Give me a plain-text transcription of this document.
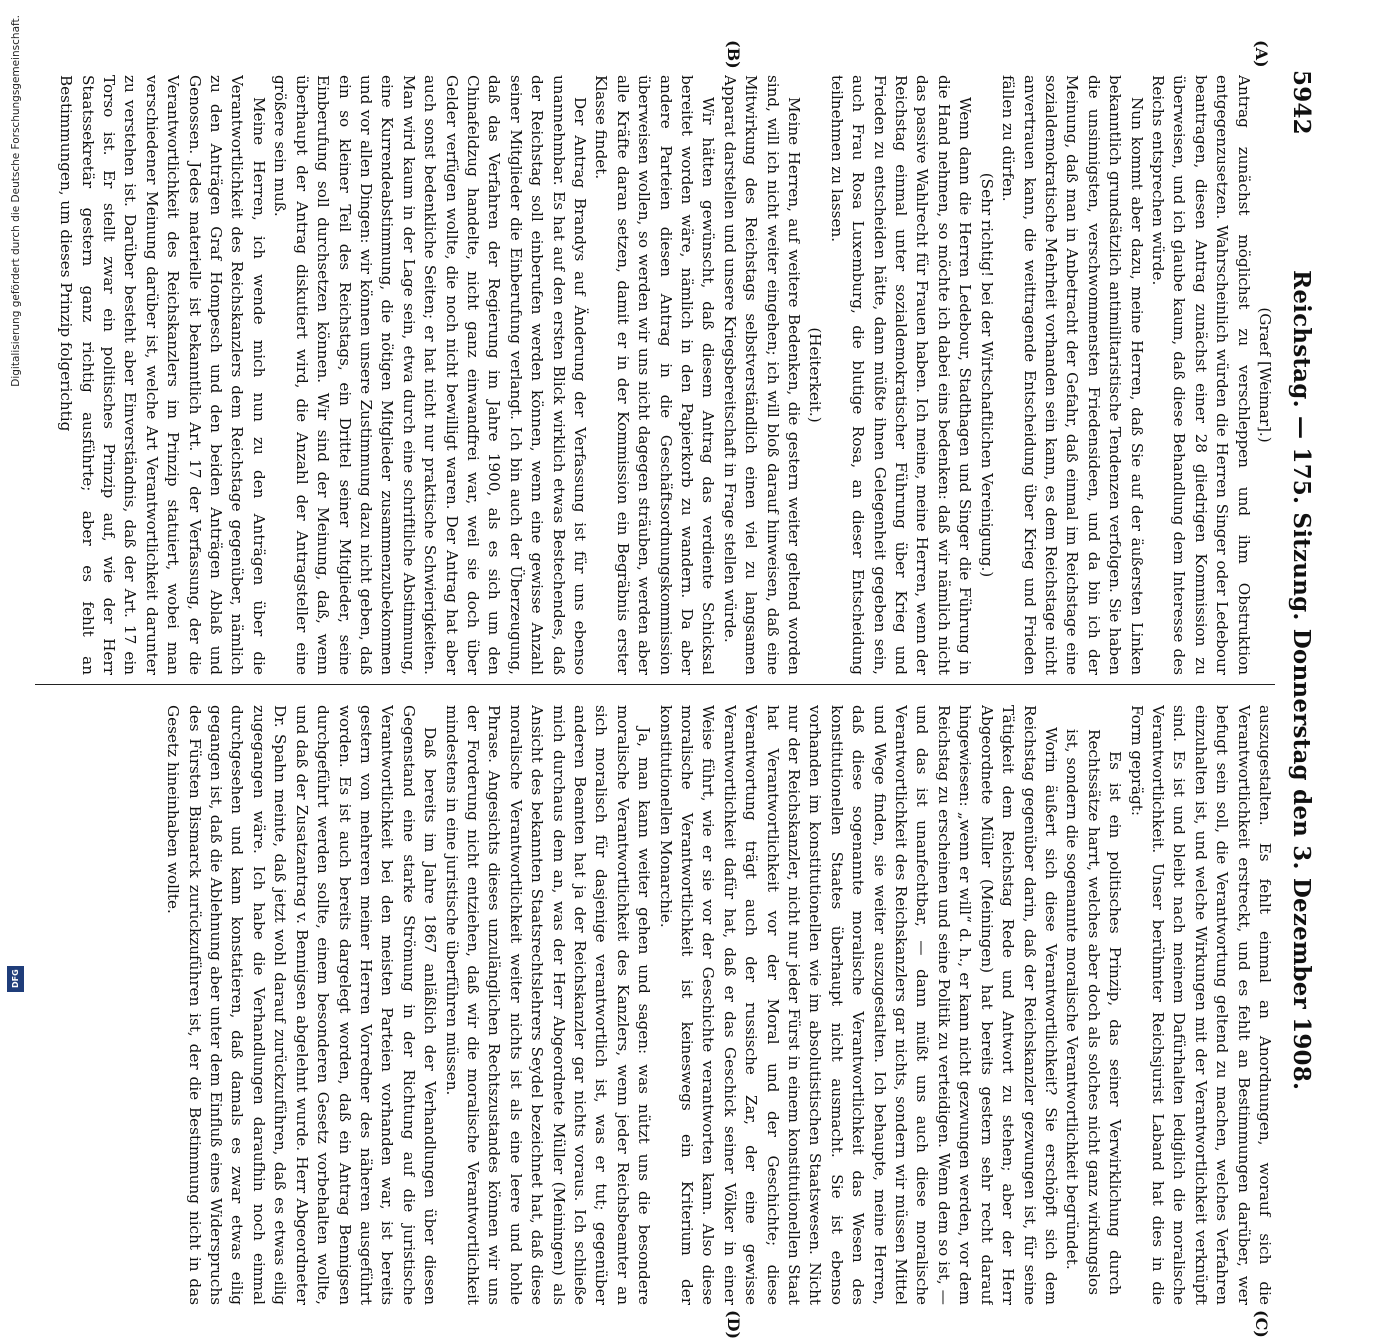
5942
Reichstag. — 175. Sitzung. Donnerstag den 3. Dezember 1908.
(A)
(B)
(C)
(D)

(Graef [Weimar].)

Antrag zunächst möglichst zu verschleppen und ihm Obstruktion entgegenzusetzen. Wahrscheinlich würden die Herren Singer oder Ledebour beantragen, diesen Antrag zunächst einer 28 gliedrigen Kommission zu überweisen, und ich glaube kaum, daß diese Behandlung dem Interesse des Reichs entsprechen würde.

Nun kommt aber dazu, meine Herren, daß Sie auf der äußersten Linken bekanntlich grundsätzlich antimilitaristische Tendenzen verfolgen. Sie haben die unsinnigsten, verschwommensten Friedensideen, und da bin ich der Meinung, daß man in Anbetracht der Gefahr, daß einmal im Reichstage eine sozialdemokratische Mehrheit vorhanden sein kann, es dem Reichstage nicht anvertrauen kann, die weittragende Entscheidung über Krieg und Frieden fällen zu dürfen.

(Sehr richtig! bei der Wirtschaftlichen Vereinigung.)

Wenn dann die Herren Ledebour, Stadthagen und Singer die Führung in die Hand nehmen, so möchte ich dabei eins bedenken: daß wir nämlich nicht das passive Wahlrecht für Frauen haben. Ich meine, meine Herren, wenn der Reichstag einmal unter sozialdemokratischer Führung über Krieg und Frieden zu entscheiden hätte, dann müßte ihnen Gelegenheit gegeben sein, auch Frau Rosa Luxemburg, die blutige Rosa, an dieser Entscheidung teilnehmen zu lassen.

(Heiterkeit.)

Meine Herren, auf weitere Bedenken, die gestern weiter geltend worden sind, will ich nicht weiter eingehen; ich will bloß darauf hinweisen, daß eine Mitwirkung des Reichstags selbstverständlich einen viel zu langsamen Apparat darstellen und unsere Kriegsbereitschaft in Frage stellen würde.

Wir hätten gewünscht, daß diesem Antrag das verdiente Schicksal bereitet worden wäre, nämlich in den Papierkorb zu wandern. Da aber andere Parteien diesen Antrag in die Geschäftsordnungskommission überweisen wollen, so werden wir uns nicht dagegen sträuben, werden aber alle Kräfte daran setzen, damit er in der Kommission ein Begräbnis erster Klasse findet.

Der Antrag Brandys auf Änderung der Verfassung ist für uns ebenso unannehmbar. Es hat auf den ersten Blick wirklich etwas Bestechendes, daß der Reichstag soll einberufen werden können, wenn eine gewisse Anzahl seiner Mitglieder die Einberufung verlangt. Ich bin auch der Überzeugung, daß das Verfahren der Regierung im Jahre 1900, als es sich um den Chinafeldzug handelte, nicht ganz einwandfrei war, weil sie doch über Gelder verfügen wollte, die noch nicht bewilligt waren. Der Antrag hat aber auch sonst bedenkliche Seiten; er hat nicht nur praktische Schwierigkeiten. Man wird kaum in der Lage sein, etwa durch eine schriftliche Abstimmung, eine Kurrendeabstimmung, die nötigen Mitglieder zusammenzubekommen und vor allen Dingen: wir können unsere Zustimmung dazu nicht geben, daß ein so kleiner Teil des Reichstags, ein Drittel seiner Mitglieder, seine Einberufung soll durchsetzen können. Wir sind der Meinung, daß, wenn überhaupt der Antrag diskutiert wird, die Anzahl der Antragsteller eine größere sein muß.

Meine Herren, ich wende mich nun zu den Anträgen über die Verantwortlichkeit des Reichskanzlers dem Reichstage gegenüber, nämlich zu den Anträgen Graf Hompesch und den beiden Anträgen Ablaß und Genossen. Jedes materielle ist bekanntlich Art. 17 der Verfassung, der die Verantwortlichkeit des Reichskanzlers im Prinzip statuiert, wobei man verschiedener Meinung darüber ist, welche Art Verantwortlichkeit darunter zu verstehen ist. Darüber besteht aber Einverständnis, daß der Art. 17 ein Torso ist. Er stellt zwar ein politisches Prinzip auf, wie der Herr Staatssekretär gestern ganz richtig ausführte; aber es fehlt an Bestimmungen, um dieses Prinzip folgerichtig

auszugestalten. Es fehlt einmal an Anordnungen, worauf sich die Verantwortlichkeit erstreckt, und es fehlt an Bestimmungen darüber, wer befugt sein soll, die Verantwortung geltend zu machen, welches Verfahren einzuhalten ist, und welche Wirkungen mit der Verantwortlichkeit verknüpft sind. Es ist und bleibt nach meinem Dafürhalten lediglich die moralische Verantwortlichkeit. Unser berühmter Reichsjurist Laband hat dies in die Form geprägt:

Es ist ein politisches Prinzip, das seiner Verwirklichung durch Rechtssätze harrt, welches aber doch als solches nicht ganz wirkungslos ist, sondern die sogenannte moralische Verantwortlichkeit begründet.

Worin äußert sich diese Verantwortlichkeit? Sie erschöpft sich dem Reichstag gegenüber darin, daß der Reichskanzler gezwungen ist, für seine Tätigkeit dem Reichstag Rede und Antwort zu stehen; aber der Herr Abgeordnete Müller (Meiningen) hat bereits gestern sehr recht darauf hingewiesen: „wenn er will“ d. h., er kann nicht gezwungen werden, vor dem Reichstag zu erscheinen und seine Politik zu verteidigen. Wenn dem so ist, — und das ist unanfechtbar, — dann müßt uns auch diese moralische Verantwortlichkeit des Reichskanzlers gar nichts, sondern wir müssen Mittel und Wege finden, sie weiter auszugestalten. Ich behaupte, meine Herren, daß diese sogenannte moralische Verantwortlichkeit das Wesen des konstitutionellen Staates überhaupt nicht ausmacht. Sie ist ebenso vorhanden im konstitutionellen wie im absolutistischen Staatswesen. Nicht nur der Reichskanzler, nicht nur jeder Fürst in einem konstitutionellen Staat hat Verantwortlichkeit vor der Moral und der Geschichte; diese Verantwortung trägt auch der russische Zar, der eine gewisse Verantwortlichkeit dafür hat, daß er das Geschick seiner Völker in einer Weise führt, wie er sie vor der Geschichte verantworten kann. Also diese moralische Verantwortlichkeit ist keineswegs ein Kriterium der konstitutionellen Monarchie.

Ja, man kann weiter gehen und sagen: was nützt uns die besondere moralische Verantwortlichkeit des Kanzlers, wenn jeder Reichsbeamter an sich moralisch für dasjenige verantwortlich ist, was er tut; gegenüber anderen Beamten hat ja der Reichskanzler gar nichts voraus. Ich schließe mich durchaus dem an, was der Herr Abgeordnete Müller (Meiningen) als Ansicht des bekannten Staatsrechtslehrers Seydel bezeichnet hat, daß diese moralische Verantwortlichkeit weiter nichts ist als eine leere und hohle Phrase. Angesichts dieses unzulänglichen Rechtszustandes können wir uns der Forderung nicht entziehen, daß wir die moralische Verantwortlichkeit mindestens in eine juristische überführen müssen.

Daß bereits im Jahre 1867 anläßlich der Verhandlungen über diesen Gegenstand eine starke Strömung in der Richtung auf die juristische Verantwortlichkeit bei den meisten Parteien vorhanden war, ist bereits gestern von mehreren meiner Herren Vorredner des näheren ausgeführt worden. Es ist auch bereits dargelegt worden, daß ein Antrag Bennigsen durchgeführt werden sollte, einem besonderen Gesetz vorbehalten wollte, und daß der Zusatzantrag v. Bennigsen abgelehnt wurde. Herr Abgeordneter Dr. Spahn meinte, daß jetzt wohl darauf zurückzuführen, daß es etwas eilig zugegangen wäre. Ich habe die Verhandlungen daraufhin noch einmal durchgesehen und kann konstatieren, daß damals es zwar etwas eilig gegangen ist, daß die Ablehnung aber unter dem Einfluß eines Widerspruchs des Fürsten Bismarck zurückzuführen ist, der die Bestimmung nicht in das Gesetz hineinhaben wollte.

Digitalisierung gefördert durch die Deutsche Forschungsgemeinschaft.
DFG
